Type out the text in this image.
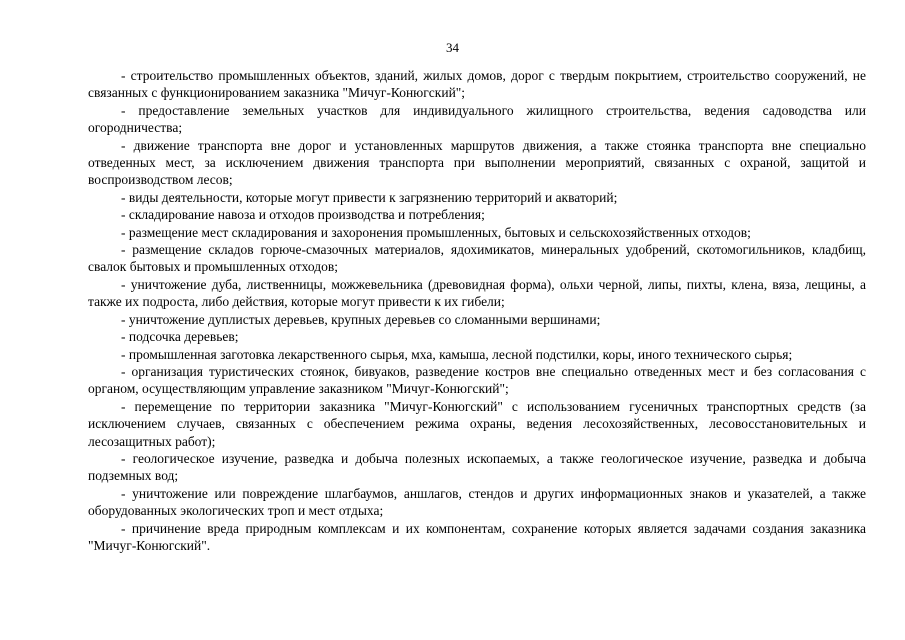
34

- строительство промышленных объектов, зданий, жилых домов, дорог с твердым покрытием, строительство сооружений, не связанных с функционированием заказника "Мичуг-Конюгский";

- предоставление земельных участков для индивидуального жилищного строительства, ведения садоводства или огородничества;

- движение транспорта вне дорог и установленных маршрутов движения, а также стоянка транспорта вне специально отведенных мест, за исключением движения транспорта при выполнении мероприятий, связанных с охраной, защитой и воспроизводством лесов;

- виды деятельности, которые могут привести к загрязнению территорий и акваторий;

- складирование навоза и отходов производства и потребления;

- размещение мест складирования и захоронения промышленных, бытовых и сельскохозяйственных отходов;

- размещение складов горюче-смазочных материалов, ядохимикатов, минеральных удобрений, скотомогильников, кладбищ, свалок бытовых и промышленных отходов;

- уничтожение дуба, лиственницы, можжевельника (древовидная форма), ольхи черной, липы, пихты, клена, вяза, лещины, а также их подроста, либо действия, которые могут привести к их гибели;

- уничтожение дуплистых деревьев, крупных деревьев со сломанными вершинами;

- подсочка деревьев;

- промышленная заготовка лекарственного сырья, мха, камыша, лесной подстилки, коры, иного технического сырья;

- организация туристических стоянок, бивуаков, разведение костров вне специально отведенных мест и без согласования с органом, осуществляющим управление заказником "Мичуг-Конюгский";

- перемещение по территории заказника "Мичуг-Конюгский" с использованием гусеничных транспортных средств (за исключением случаев, связанных с обеспечением режима охраны, ведения лесохозяйственных, лесовосстановительных и лесозащитных работ);

- геологическое изучение, разведка и добыча полезных ископаемых, а также геологическое изучение, разведка и добыча подземных вод;

- уничтожение или повреждение шлагбаумов, аншлагов, стендов и других информационных знаков и указателей, а также оборудованных экологических троп и мест отдыха;

- причинение вреда природным комплексам и их компонентам, сохранение которых является задачами создания заказника "Мичуг-Конюгский".
